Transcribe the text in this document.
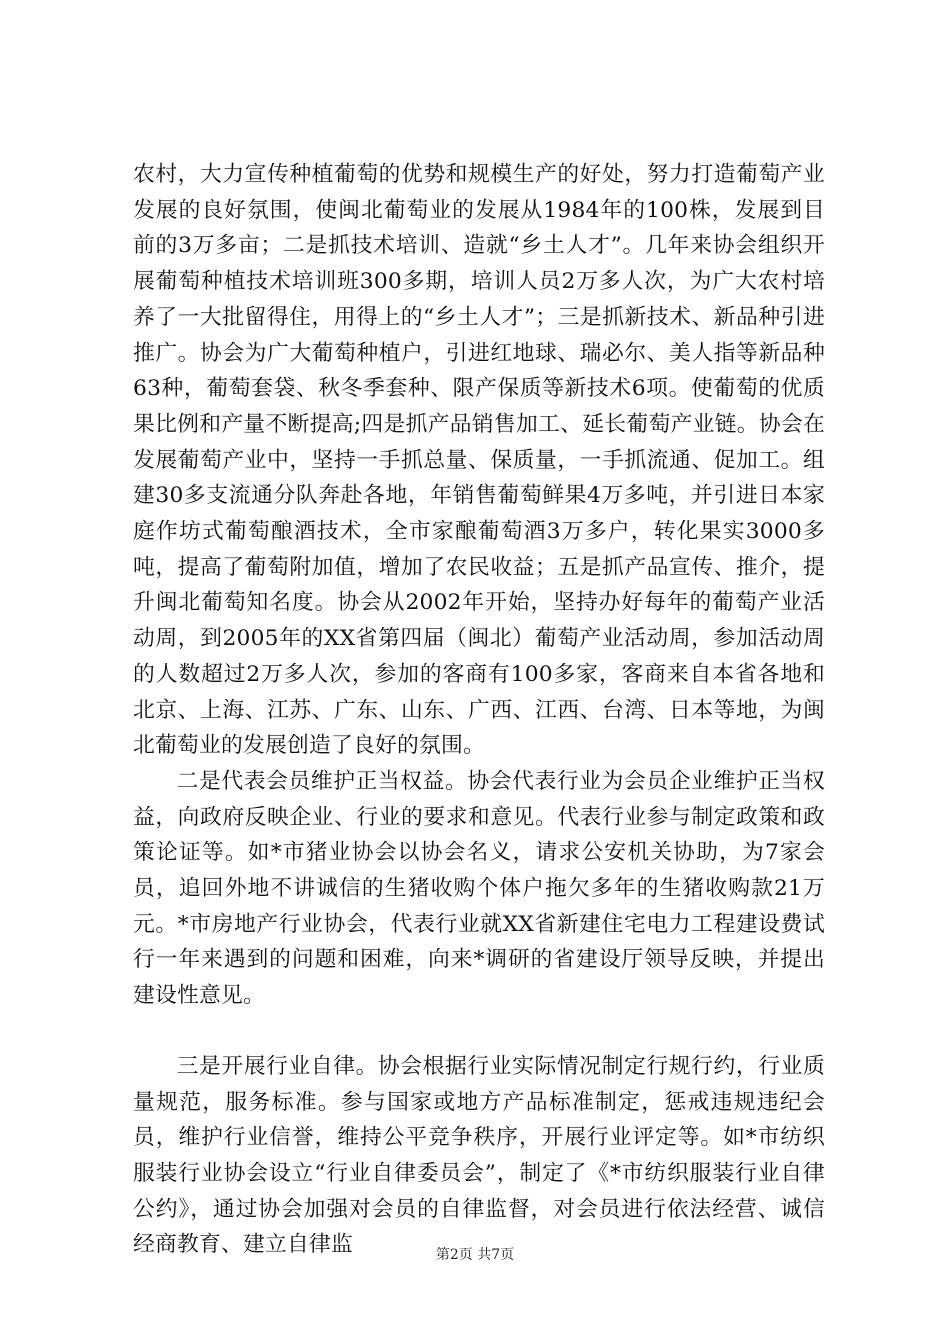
农村，大力宣传种植葡萄的优势和规模生产的好处，努力打造葡萄产业发展的良好氛围，使闽北葡萄业的发展从1984年的100株，发展到目前的3万多亩；二是抓技术培训、造就“乡土人才”。几年来协会组织开展葡萄种植技术培训班300多期，培训人员2万多人次，为广大农村培养了一大批留得住，用得上的“乡土人才”；三是抓新技术、新品种引进推广。协会为广大葡萄种植户，引进红地球、瑞必尔、美人指等新品种63种，葡萄套袋、秋冬季套种、限产保质等新技术6项。使葡萄的优质果比例和产量不断提高;四是抓产品销售加工、延长葡萄产业链。协会在发展葡萄产业中，坚持一手抓总量、保质量，一手抓流通、促加工。组建30多支流通分队奔赴各地，年销售葡萄鲜果4万多吨，并引进日本家庭作坊式葡萄酿酒技术，全市家酿葡萄酒3万多户，转化果实3000多吨，提高了葡萄附加值，增加了农民收益；五是抓产品宣传、推介，提升闽北葡萄知名度。协会从2002年开始，坚持办好每年的葡萄产业活动周，到2005年的XX省第四届（闽北）葡萄产业活动周，参加活动周的人数超过2万多人次，参加的客商有100多家，客商来自本省各地和北京、上海、江苏、广东、山东、广西、江西、台湾、日本等地，为闽北葡萄业的发展创造了良好的氛围。

二是代表会员维护正当权益。协会代表行业为会员企业维护正当权益，向政府反映企业、行业的要求和意见。代表行业参与制定政策和政策论证等。如*市猪业协会以协会名义，请求公安机关协助，为7家会员，追回外地不讲诚信的生猪收购个体户拖欠多年的生猪收购款21万元。*市房地产行业协会，代表行业就XX省新建住宅电力工程建设费试行一年来遇到的问题和困难，向来*调研的省建设厅领导反映，并提出建设性意见。

三是开展行业自律。协会根据行业实际情况制定行规行约，行业质量规范，服务标准。参与国家或地方产品标准制定，惩戒违规违纪会员，维护行业信誉，维持公平竞争秩序，开展行业评定等。如*市纺织服装行业协会设立“行业自律委员会”，制定了《*市纺织服装行业自律公约》，通过协会加强对会员的自律监督，对会员进行依法经营、诚信经商教育、建立自律监	第2页 共7页
